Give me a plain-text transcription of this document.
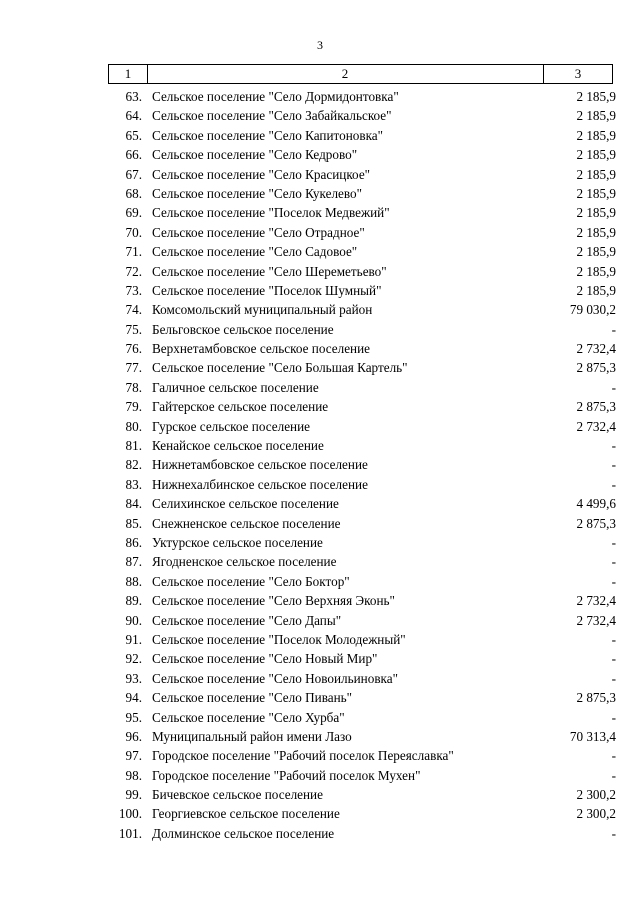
3
1	2	3
63. Сельское поселение "Село Дормидонтовка"	2 185,9
64. Сельское поселение "Село Забайкальское"	2 185,9
65. Сельское поселение "Село Капитоновка"	2 185,9
66. Сельское поселение "Село Кедрово"	2 185,9
67. Сельское поселение "Село Красицкое"	2 185,9
68. Сельское поселение "Село Кукелево"	2 185,9
69. Сельское поселение "Поселок Медвежий"	2 185,9
70. Сельское поселение "Село Отрадное"	2 185,9
71. Сельское поселение "Село Садовое"	2 185,9
72. Сельское поселение "Село Шереметьево"	2 185,9
73. Сельское поселение "Поселок Шумный"	2 185,9
74. Комсомольский муниципальный район	79 030,2
75. Бельговское сельское поселение	-
76. Верхнетамбовское сельское поселение	2 732,4
77. Сельское поселение "Село Большая Картель"	2 875,3
78. Галичное сельское поселение	-
79. Гайтерское сельское поселение	2 875,3
80. Гурское сельское поселение	2 732,4
81. Кенайское сельское поселение	-
82. Нижнетамбовское сельское поселение	-
83. Нижнехалбинское сельское поселение	-
84. Селихинское сельское поселение	4 499,6
85. Снежненское сельское поселение	2 875,3
86. Уктурское сельское поселение	-
87. Ягодненское сельское поселение	-
88. Сельское поселение "Село Боктор"	-
89. Сельское поселение "Село Верхняя Эконь"	2 732,4
90. Сельское поселение "Село Дапы"	2 732,4
91. Сельское поселение "Поселок Молодежный"	-
92. Сельское поселение "Село Новый Мир"	-
93. Сельское поселение "Село Новоильиновка"	-
94. Сельское поселение "Село Пивань"	2 875,3
95. Сельское поселение "Село Хурба"	-
96. Муниципальный район имени Лазо	70 313,4
97. Городское поселение "Рабочий поселок Переяславка"	-
98. Городское поселение "Рабочий поселок Мухен"	-
99. Бичевское сельское поселение	2 300,2
100. Георгиевское сельское поселение	2 300,2
101. Долминское сельское поселение	-
